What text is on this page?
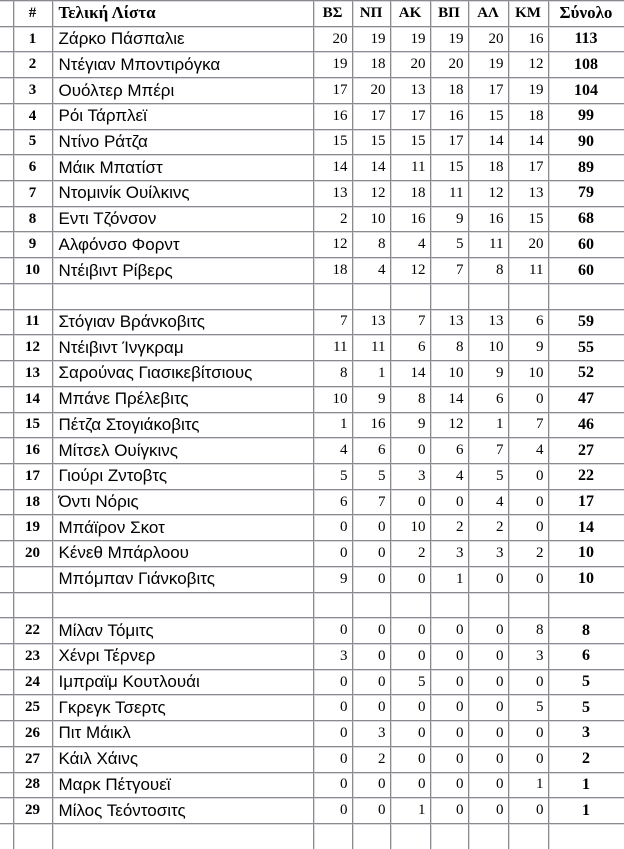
	#	Τελική Λίστα	ΒΣ	ΝΠ	ΑΚ	ΒΠ	ΑΛ	ΚΜ	Σύνολο
	1	Ζάρκο Πάσπαλιε	20	19	19	19	20	16	113
	2	Ντέγιαν Μποντιρόγκα	19	18	20	20	19	12	108
	3	Ουόλτερ Μπέρι	17	20	13	18	17	19	104
	4	Ρόι Τάρπλεϊ	16	17	17	16	15	18	99
	5	Ντίνο Ράτζα	15	15	15	17	14	14	90
	6	Μάικ Μπατίστ	14	14	11	15	18	17	89
	7	Ντομινίκ Ουίλκινς	13	12	18	11	12	13	79
	8	Εντι Τζόνσον	2	10	16	9	16	15	68
	9	Αλφόνσο Φορντ	12	8	4	5	11	20	60
	10	Ντέιβιντ Ρίβερς	18	4	12	7	8	11	60

	11	Στόγιαν Βράνκοβιτς	7	13	7	13	13	6	59
	12	Ντέιβιντ Ίνγκραμ	11	11	6	8	10	9	55
	13	Σαρούνας Γιασικεβίτσιους	8	1	14	10	9	10	52
	14	Μπάνε Πρέλεβιτς	10	9	8	14	6	0	47
	15	Πέτζα Στογιάκοβιτς	1	16	9	12	1	7	46
	16	Μίτσελ Ουίγκινς	4	6	0	6	7	4	27
	17	Γιούρι Ζντοβτς	5	5	3	4	5	0	22
	18	Όντι Νόρις	6	7	0	0	4	0	17
	19	Μπάϊρον Σκοτ	0	0	10	2	2	0	14
	20	Κένεθ Μπάρλοου	0	0	2	3	3	2	10
		Μπόμπαν Γιάνκοβιτς	9	0	0	1	0	0	10

	22	Μίλαν Τόμιτς	0	0	0	0	0	8	8
	23	Χένρι Τέρνερ	3	0	0	0	0	3	6
	24	Ιμπραϊμ Κουτλουάι	0	0	5	0	0	0	5
	25	Γκρεγκ Τσερτς	0	0	0	0	0	5	5
	26	Πιτ Μάικλ	0	3	0	0	0	0	3
	27	Κάιλ Χάινς	0	2	0	0	0	0	2
	28	Μαρκ Πέτγουεϊ	0	0	0	0	0	1	1
	29	Μίλος Τεόντοσιτς	0	0	1	0	0	0	1
